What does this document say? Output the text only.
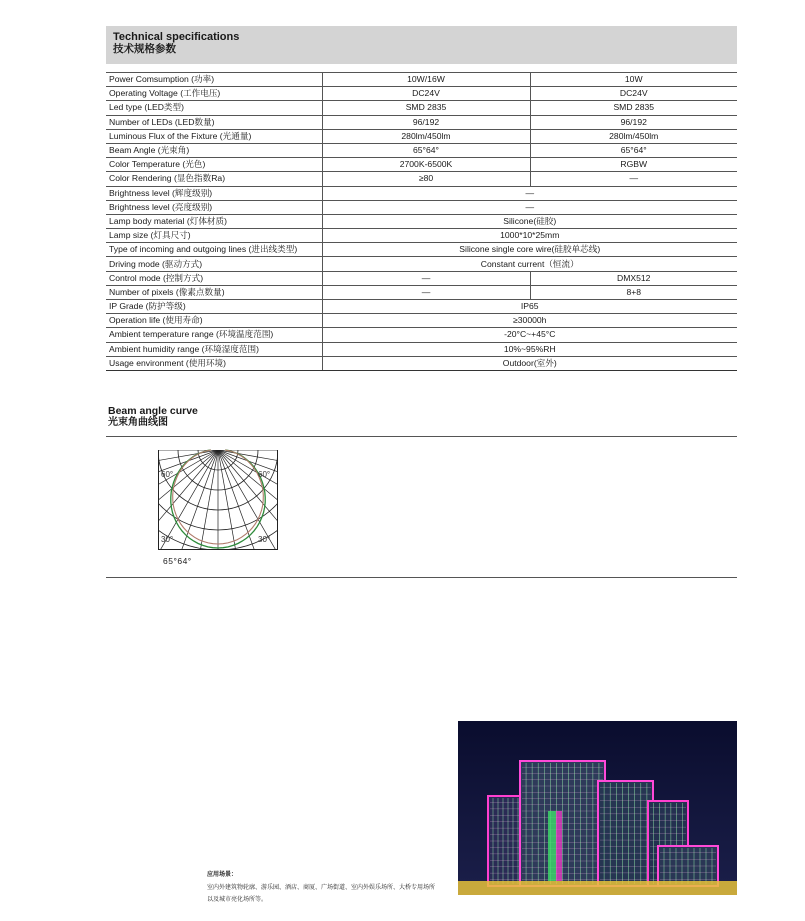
Technical specifications
技术规格参数
Power Comsumption (功率)	10W/16W	10W
Operating Voltage (工作电压)	DC24V	DC24V
Led type (LED类型)	SMD 2835	SMD 2835
Number of LEDs (LED数量)	96/192	96/192
Luminous Flux of the Fixture (光通量)	280lm/450lm	280lm/450lm
Beam Angle (光束角)	65°64°	65°64°
Color Temperature (光色)	2700K-6500K	RGBW
Color Rendering (显色指数Ra)	≥80	—
Brightness level (辉度级别)	—	
Brightness level (亮度级别)	—	
Lamp body material (灯体材质)	Silicone(硅胶)	
Lamp size (灯具尺寸)	1000*10*25mm	
Type of incoming and outgoing lines (进出线类型)	Silicone single core wire(硅胶单芯线)	
Driving mode (驱动方式)	Constant current（恒流）	
Control mode (控制方式)	—	DMX512
Number of pixels (像素点数量)	—	8+8
IP Grade (防护等级)	IP65	
Operation life (使用寿命)	≥30000h	
Ambient temperature range (环境温度范围)	-20°C~+45°C	
Ambient humidity range (环境湿度范围)	10%~95%RH	
Usage environment (使用环境)	Outdoor(室外)	
Beam angle curve
光束角曲线图
60°	60°
30°	30°
65°64°
应用场景：
室内外建筑物轮廓、游乐园、酒店、商厦、广场街道、室内外娱乐场所、大桥专用场所
以及城市亮化场所等。
